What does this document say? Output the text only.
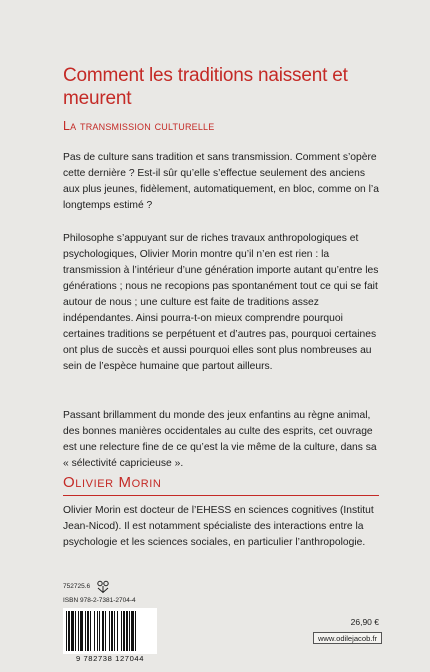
Comment les traditions naissent et meurent

La transmission culturelle

Pas de culture sans tradition et sans transmission. Comment s’opère cette dernière ? Est-il sûr qu’elle s’effectue seulement des anciens aux plus jeunes, fidèlement, automatiquement, en bloc, comme on l’a longtemps estimé ?

Philosophe s’appuyant sur de riches travaux anthropologiques et psychologiques, Olivier Morin montre qu’il n’en est rien : la transmission à l’intérieur d’une génération importe autant qu’entre les générations ; nous ne recopions pas spontanément tout ce qui se fait autour de nous ; une culture est faite de traditions assez indépendantes. Ainsi pourra-t-on mieux comprendre pourquoi certaines traditions se perpétuent et d’autres pas, pourquoi certaines ont plus de succès et aussi pourquoi elles sont plus nombreuses au sein de l’espèce humaine que partout ailleurs.

Passant brillamment du monde des jeux enfantins au règne animal, des bonnes manières occidentales au culte des esprits, cet ouvrage est une relecture fine de ce qu’est la vie même de la culture, dans sa « sélectivité capricieuse ».

Olivier Morin

Olivier Morin est docteur de l’EHESS en sciences cognitives (Institut Jean-Nicod). Il est notamment spécialiste des interactions entre la psychologie et les sciences sociales, en particulier l’anthropologie.

752725.6
ISBN 978-2-7381-2704-4
9 782738 127044
26,90 €
www.odilejacob.fr
